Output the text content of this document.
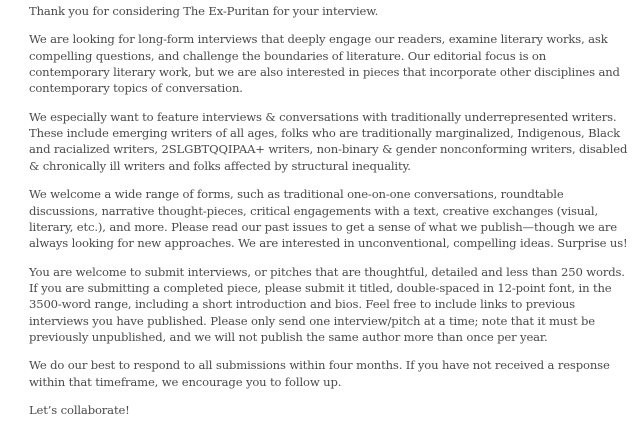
Thank you for considering The Ex-Puritan for your interview.

We are looking for long-form interviews that deeply engage our readers, examine literary works, ask compelling questions, and challenge the boundaries of literature. Our editorial focus is on contemporary literary work, but we are also interested in pieces that incorporate other disciplines and contemporary topics of conversation.

We especially want to feature interviews & conversations with traditionally underrepresented writers. These include emerging writers of all ages, folks who are traditionally marginalized, Indigenous, Black and racialized writers, 2SLGBTQQIPAA+ writers, non-binary & gender nonconforming writers, disabled & chronically ill writers and folks affected by structural inequality.

We welcome a wide range of forms, such as traditional one-on-one conversations, roundtable discussions, narrative thought-pieces, critical engagements with a text, creative exchanges (visual, literary, etc.), and more. Please read our past issues to get a sense of what we publish—though we are always looking for new approaches. We are interested in unconventional, compelling ideas. Surprise us!

You are welcome to submit interviews, or pitches that are thoughtful, detailed and less than 250 words. If you are submitting a completed piece, please submit it titled, double-spaced in 12-point font, in the 3500-word range, including a short introduction and bios. Feel free to include links to previous interviews you have published. Please only send one interview/pitch at a time; note that it must be previously unpublished, and we will not publish the same author more than once per year.

We do our best to respond to all submissions within four months. If you have not received a response within that timeframe, we encourage you to follow up.

Let’s collaborate!
